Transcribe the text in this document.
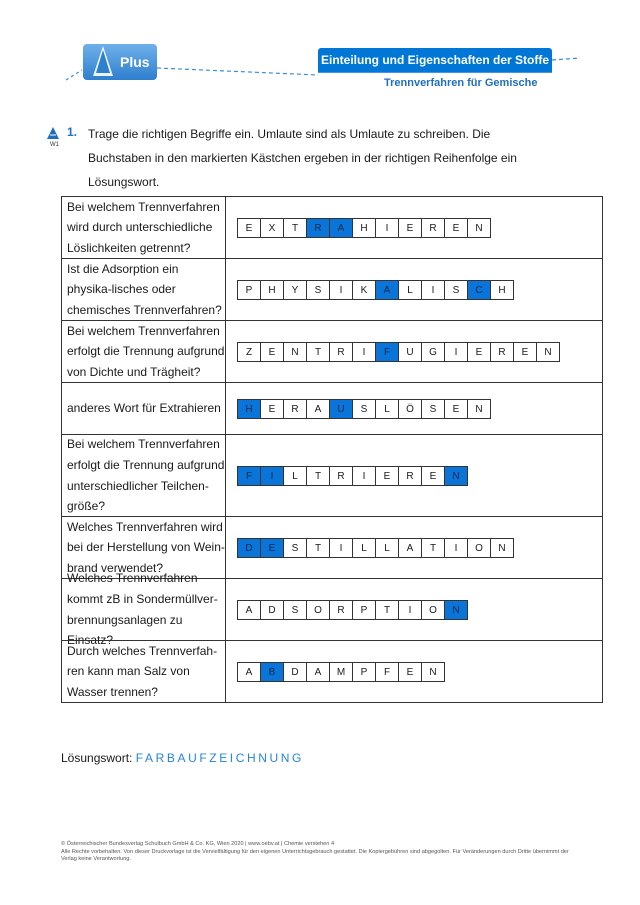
Plus	Einteilung und Eigenschaften der Stoffe
Trennverfahren für Gemische
W1
1. Trage die richtigen Begriffe ein. Umlaute sind als Umlaute zu schreiben. Die Buchstaben in den markierten Kästchen ergeben in der richtigen Reihenfolge ein Lösungswort.
Bei welchem Trennverfahren wird durch unterschiedliche Löslichkeiten getrennt?
E	X	T	R	A	H	I	E	R	E	N
Ist die Adsorption ein physika-lisches oder chemisches Trennverfahren?
P	H	Y	S	I	K	A	L	I	S	C	H
Bei welchem Trennverfahren erfolgt die Trennung aufgrund von Dichte und Trägheit?
Z	E	N	T	R	I	F	U	G	I	E	R	E	N
anderes Wort für Extrahieren	H	E	R	A	U	S	L	Ö	S	E	N
Bei welchem Trennverfahren erfolgt die Trennung aufgrund unterschiedlicher Teilchen-größe?
F	I	L	T	R	I	E	R	E	N
Welches Trennverfahren wird bei der Herstellung von Wein-brand verwendet?
D	E	S	T	I	L	L	A	T	I	O	N
Welches Trennverfahren kommt zB in Sondermüllver-brennungsanlagen zu Einsatz?
A	D	S	O	R	P	T	I	O	N
Durch welches Trennverfah-ren kann man Salz von Wasser trennen?
A	B	D	A	M	P	F	E	N
Lösungswort: FARBAUFZEICHNUNG
© Österreichischer Bundesverlag Schulbuch GmbH & Co. KG, Wien 2020 | www.oebv.at | Chemie verstehen 4
Alle Rechte vorbehalten. Von dieser Druckvorlage ist die Vervielfältigung für den eigenen Unterrichtsgebrauch gestattet. Die Kopiergebühren sind abgegolten. Für Veränderungen durch Dritte übernimmt der Verlag keine Verantwortung.
